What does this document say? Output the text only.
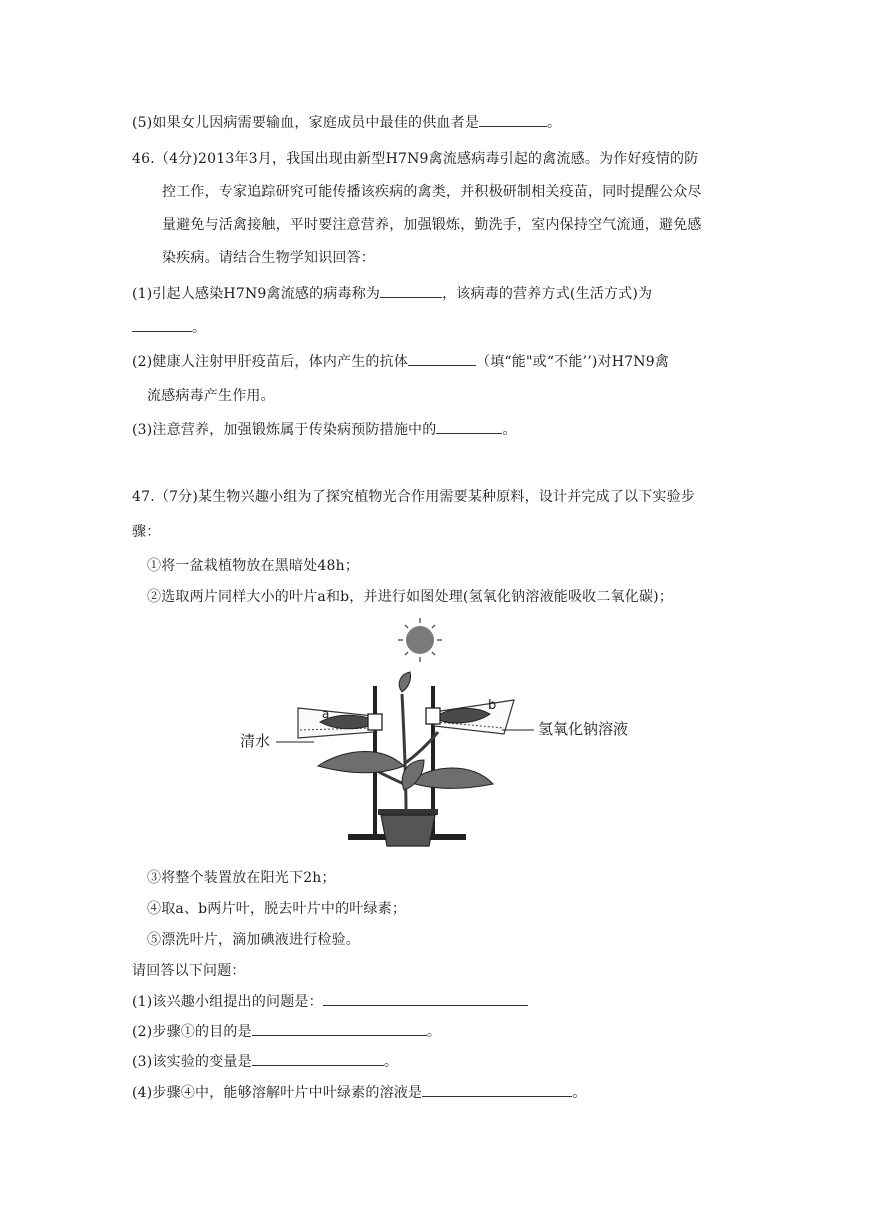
(5)如果女儿因病需要输血，家庭成员中最佳的供血者是	。
46.（4分)2013年3月，我国出现由新型H7N9禽流感病毒引起的禽流感。为作好疫情的防
控工作，专家追踪研究可能传播该疾病的禽类，并积极研制相关疫苗，同时提醒公众尽
量避免与活禽接触，平时要注意营养，加强锻炼，勤洗手，室内保持空气流通，避免感
染疾病。请结合生物学知识回答：
(1)引起人感染H7N9禽流感的病毒称为	，该病毒的营养方式(生活方式)为
。
(2)健康人注射甲肝疫苗后，体内产生的抗体	（填“能"或“不能’’)对H7N9禽
流感病毒产生作用。
(3)注意营养，加强锻炼属于传染病预防措施中的	。
47.（7分)某生物兴趣小组为了探究植物光合作用需要某种原料，设计并完成了以下实验步
骤：
①将一盆栽植物放在黑暗处48h；
②选取两片同样大小的叶片a和b，并进行如图处理(氢氧化钠溶液能吸收二氧化碳)；
清水
氢氧化钠溶液
a
b
③将整个装置放在阳光下2h；
④取a、b两片叶，脱去叶片中的叶绿素；
⑤漂洗叶片，滴加碘液进行检验。
请回答以下问题：
(1)该兴趣小组提出的问题是：
(2)步骤①的目的是	。
(3)该实验的变量是	。
(4)步骤④中，能够溶解叶片中叶绿素的溶液是	。
